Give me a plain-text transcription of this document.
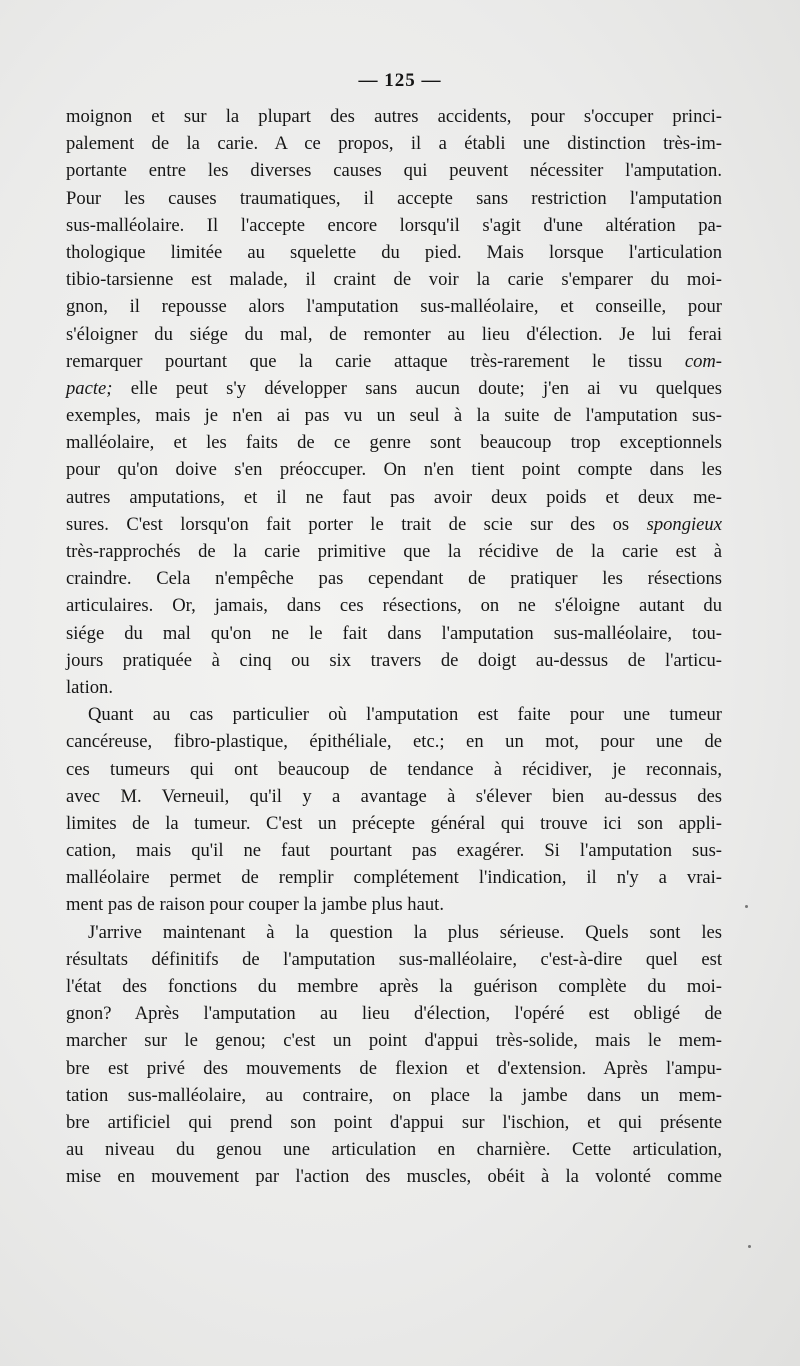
— 125 —
moignon et sur la plupart des autres accidents, pour s'occuper princi-
palement de la carie. A ce propos, il a établi une distinction très-im-
portante entre les diverses causes qui peuvent nécessiter l'amputation.
Pour les causes traumatiques, il accepte sans restriction l'amputation
sus-malléolaire. Il l'accepte encore lorsqu'il s'agit d'une altération pa-
thologique limitée au squelette du pied. Mais lorsque l'articulation
tibio-tarsienne est malade, il craint de voir la carie s'emparer du moi-
gnon, il repousse alors l'amputation sus-malléolaire, et conseille, pour
s'éloigner du siége du mal, de remonter au lieu d'élection. Je lui ferai
remarquer pourtant que la carie attaque très-rarement le tissu com-
pacte; elle peut s'y développer sans aucun doute; j'en ai vu quelques
exemples, mais je n'en ai pas vu un seul à la suite de l'amputation sus-
malléolaire, et les faits de ce genre sont beaucoup trop exceptionnels
pour qu'on doive s'en préoccuper. On n'en tient point compte dans les
autres amputations, et il ne faut pas avoir deux poids et deux me-
sures. C'est lorsqu'on fait porter le trait de scie sur des os spongieux
très-rapprochés de la carie primitive que la récidive de la carie est à
craindre. Cela n'empêche pas cependant de pratiquer les résections
articulaires. Or, jamais, dans ces résections, on ne s'éloigne autant du
siége du mal qu'on ne le fait dans l'amputation sus-malléolaire, tou-
jours pratiquée à cinq ou six travers de doigt au-dessus de l'articu-
lation.
Quant au cas particulier où l'amputation est faite pour une tumeur
cancéreuse, fibro-plastique, épithéliale, etc.; en un mot, pour une de
ces tumeurs qui ont beaucoup de tendance à récidiver, je reconnais,
avec M. Verneuil, qu'il y a avantage à s'élever bien au-dessus des
limites de la tumeur. C'est un précepte général qui trouve ici son appli-
cation, mais qu'il ne faut pourtant pas exagérer. Si l'amputation sus-
malléolaire permet de remplir complétement l'indication, il n'y a vrai-
ment pas de raison pour couper la jambe plus haut.
J'arrive maintenant à la question la plus sérieuse. Quels sont les
résultats définitifs de l'amputation sus-malléolaire, c'est-à-dire quel est
l'état des fonctions du membre après la guérison complète du moi-
gnon? Après l'amputation au lieu d'élection, l'opéré est obligé de
marcher sur le genou; c'est un point d'appui très-solide, mais le mem-
bre est privé des mouvements de flexion et d'extension. Après l'ampu-
tation sus-malléolaire, au contraire, on place la jambe dans un mem-
bre artificiel qui prend son point d'appui sur l'ischion, et qui présente
au niveau du genou une articulation en charnière. Cette articulation,
mise en mouvement par l'action des muscles, obéit à la volonté comme
